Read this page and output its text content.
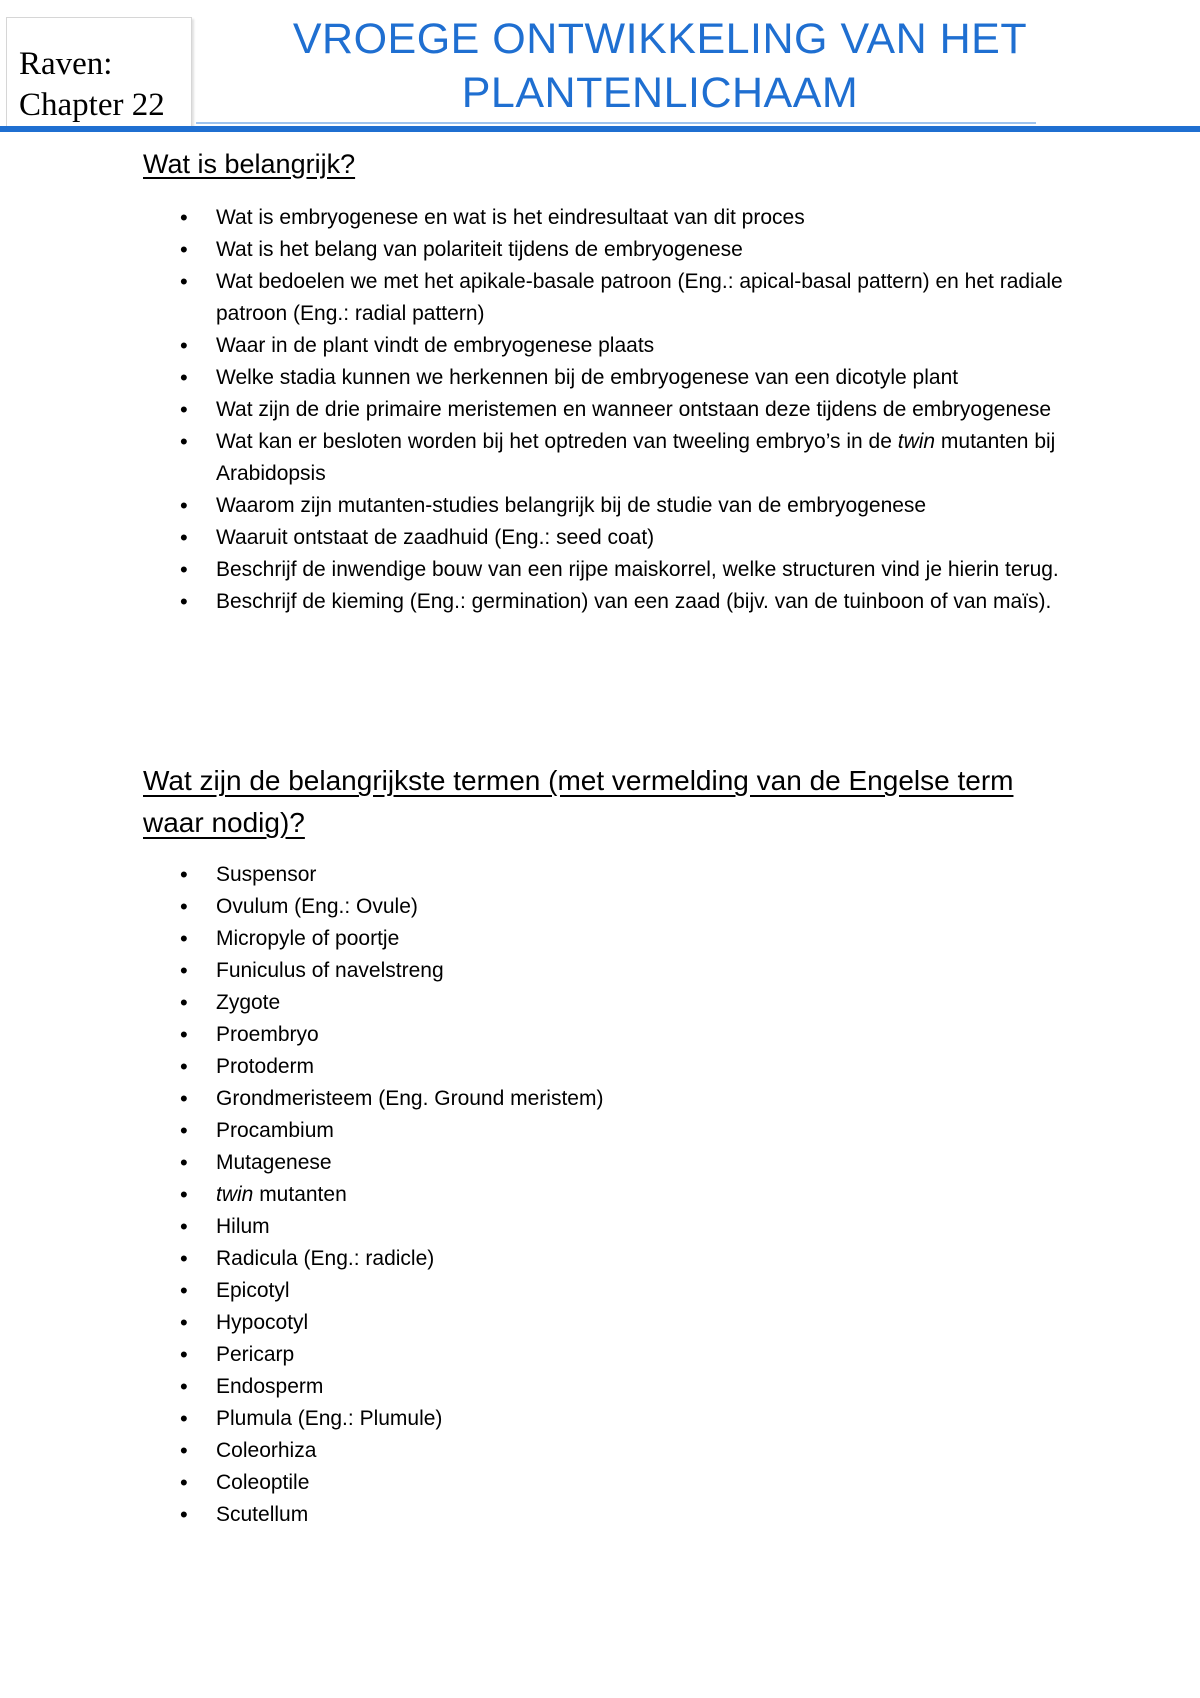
Raven:
Chapter 22
VROEGE ONTWIKKELING VAN HET
PLANTENLICHAAM
Wat is belangrijk?
• Wat is embryogenese en wat is het eindresultaat van dit proces
• Wat is het belang van polariteit tijdens de embryogenese
• Wat bedoelen we met het apikale-basale patroon (Eng.: apical-basal pattern) en het radiale patroon (Eng.: radial pattern)
• Waar in de plant vindt de embryogenese plaats
• Welke stadia kunnen we herkennen bij de embryogenese van een dicotyle plant
• Wat zijn de drie primaire meristemen en wanneer ontstaan deze tijdens de embryogenese
• Wat kan er besloten worden bij het optreden van tweeling embryo’s in de twin mutanten bij Arabidopsis
• Waarom zijn mutanten-studies belangrijk bij de studie van de embryogenese
• Waaruit ontstaat de zaadhuid (Eng.: seed coat)
• Beschrijf de inwendige bouw van een rijpe maiskorrel, welke structuren vind je hierin terug.
• Beschrijf de kieming (Eng.: germination) van een zaad (bijv. van de tuinboon of van maïs).
Wat zijn de belangrijkste termen (met vermelding van de Engelse term waar nodig)?
• Suspensor
• Ovulum (Eng.: Ovule)
• Micropyle of poortje
• Funiculus of navelstreng
• Zygote
• Proembryo
• Protoderm
• Grondmeristeem (Eng. Ground meristem)
• Procambium
• Mutagenese
• twin mutanten
• Hilum
• Radicula (Eng.: radicle)
• Epicotyl
• Hypocotyl
• Pericarp
• Endosperm
• Plumula (Eng.: Plumule)
• Coleorhiza
• Coleoptile
• Scutellum
